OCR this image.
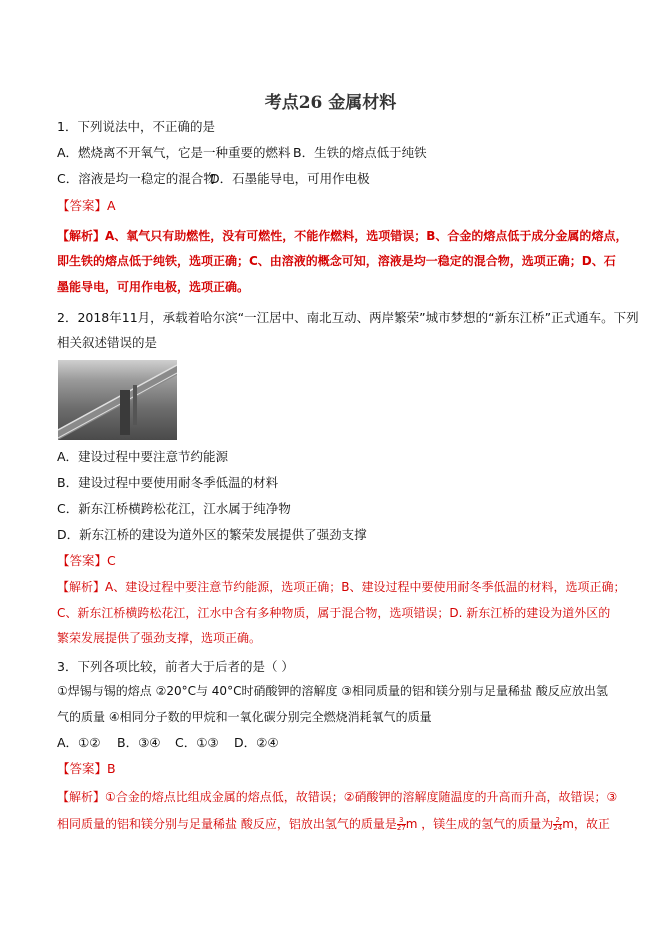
考点26 金属材料
1．下列说法中，不正确的是
A．燃烧离不开氧气，它是一种重要的燃料 B．生铁的熔点低于纯铁
C．溶液是均一稳定的混合物
D．石墨能导电，可用作电极
【答案】A
【解析】A、氧气只有助燃性，没有可燃性，不能作燃料，选项错误；B、合金的熔点低于成分金属的熔点，
即生铁的熔点低于纯铁，选项正确；C、由溶液的概念可知，溶液是均一稳定的混合物，选项正确；D、石
墨能导电，可用作电极，选项正确。
2．2018年11月，承载着哈尔滨“一江居中、南北互动、两岸繁荣”城市梦想的“新东江桥”正式通车。下列
相关叙述错误的是
A．建设过程中要注意节约能源
B．建设过程中要使用耐冬季低温的材料
C．新东江桥横跨松花江，江水属于纯净物
D．新东江桥的建设为道外区的繁荣发展提供了强劲支撑
【答案】C
【解析】A、建设过程中要注意节约能源，选项正确；B、建设过程中要使用耐冬季低温的材料，选项正确；
C、新东江桥横跨松花江，江水中含有多种物质，属于混合物，选项错误；D. 新东江桥的建设为道外区的
繁荣发展提供了强劲支撑，选项正确。
3．下列各项比较，前者大于后者的是（ ）
①焊锡与锡的熔点 ②20°C与 40°C时硝酸钾的溶解度 ③相同质量的铝和镁分别与足量稀盐 酸反应放出氢
气的质量 ④相同分子数的甲烷和一氧化碳分别完全燃烧消耗氧气的质量
A．①② B．③④ C．①③ D．②④
【答案】B
【解析】①合金的熔点比组成金属的熔点低，故错误；②硝酸钾的溶解度随温度的升高而升高，故错误；③
相同质量的铝和镁分别与足量稀盐 酸反应，铝放出氢气的质量是 $\frac{3}{27}$ m ，镁生成的氢气的质量为 $\frac{2}{24}$ m，故正
